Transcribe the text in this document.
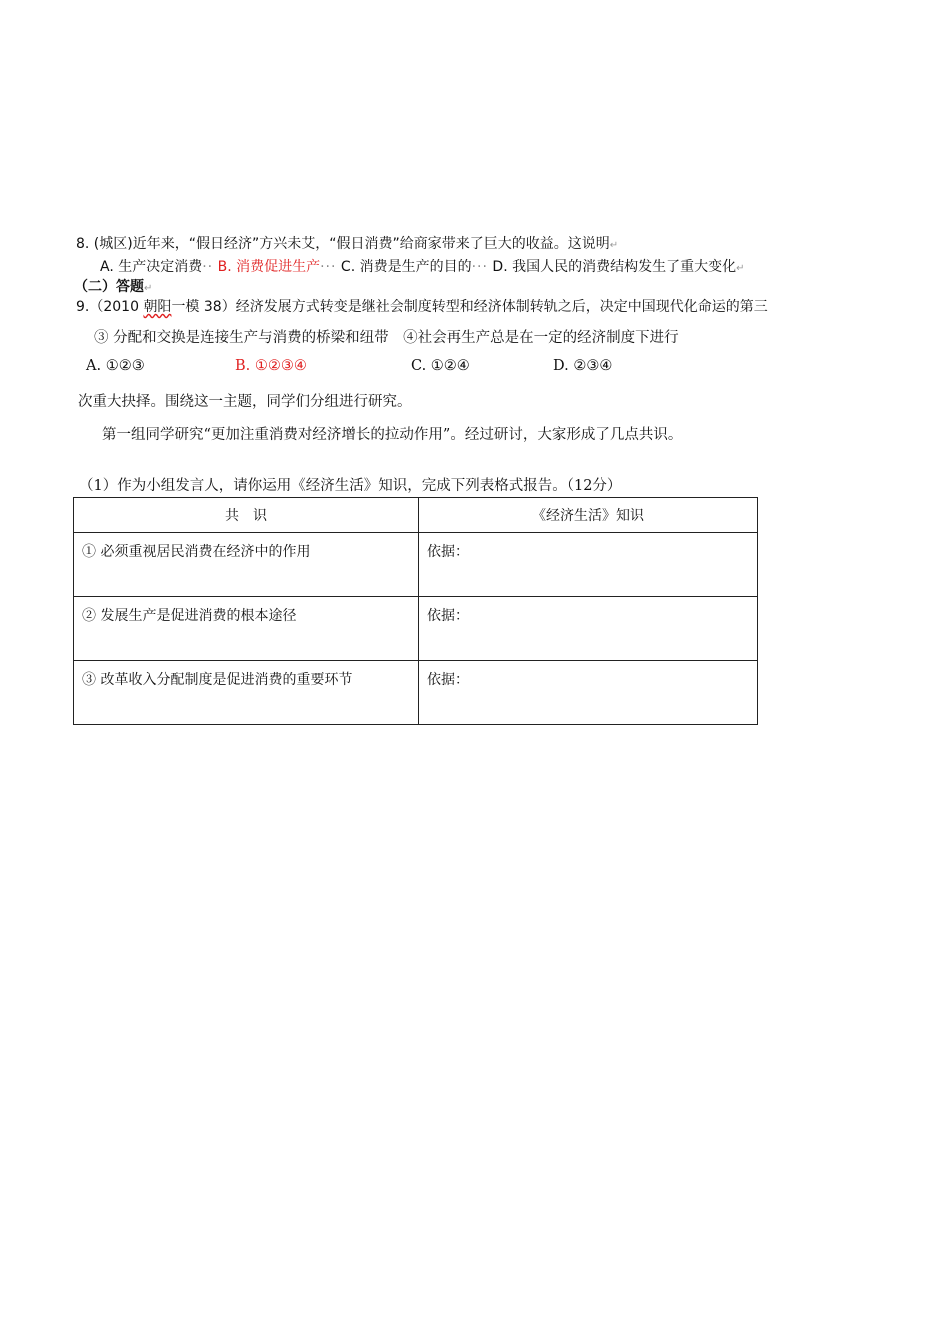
8. (城区)近年来，“假日经济”方兴未艾，“假日消费”给商家带来了巨大的收益。这说明↵
A. 生产决定消费·· B. 消费促进生产··· C. 消费是生产的目的··· D. 我国人民的消费结构发生了重大变化↵
（二）答题↵
9.（2010 朝阳一模 38）经济发展方式转变是继社会制度转型和经济体制转轨之后，决定中国现代化命运的第三
③ 分配和交换是连接生产与消费的桥梁和纽带　④社会再生产总是在一定的经济制度下进行
A. ①②③	B. ①②③④	C. ①②④	D. ②③④
次重大抉择。围绕这一主题，同学们分组进行研究。
第一组同学研究“更加注重消费对经济增长的拉动作用”。经过研讨，大家形成了几点共识。
（1）作为小组发言人，请你运用《经济生活》知识，完成下列表格式报告。（12分）
共　识	《经济生活》知识
① 必须重视居民消费在经济中的作用	依据：
② 发展生产是促进消费的根本途径	依据：
③ 改革收入分配制度是促进消费的重要环节	依据：
